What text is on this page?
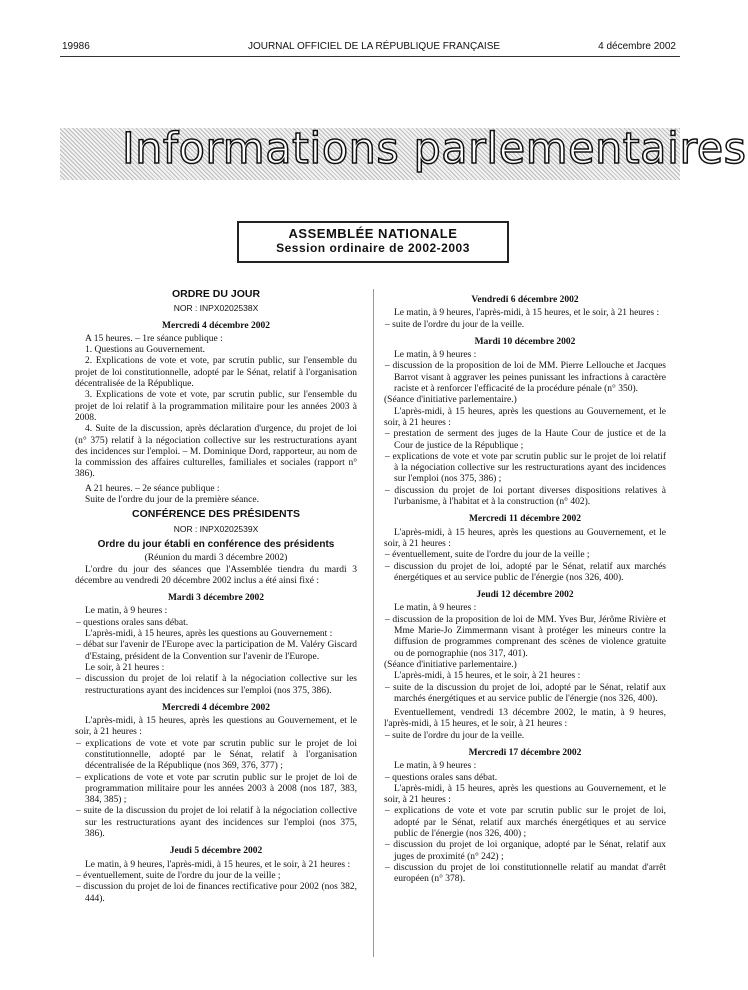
19986	JOURNAL OFFICIEL DE LA RÉPUBLIQUE FRANÇAISE	4 décembre 2002
Informations parlementaires
ASSEMBLÉE NATIONALE
Session ordinaire de 2002-2003

ORDRE DU JOUR

NOR : INPX0202538X

Mercredi 4 décembre 2002

A 15 heures. – 1re séance publique :

1. Questions au Gouvernement.

2. Explications de vote et vote, par scrutin public, sur l'ensemble du projet de loi constitutionnelle, adopté par le Sénat, relatif à l'organisation décentralisée de la République.

3. Explications de vote et vote, par scrutin public, sur l'ensemble du projet de loi relatif à la programmation militaire pour les années 2003 à 2008.

4. Suite de la discussion, après déclaration d'urgence, du projet de loi (n° 375) relatif à la négociation collective sur les restructurations ayant des incidences sur l'emploi. – M. Dominique Dord, rapporteur, au nom de la commission des affaires culturelles, familiales et sociales (rapport n° 386).

A 21 heures. – 2e séance publique :

Suite de l'ordre du jour de la première séance.

CONFÉRENCE DES PRÉSIDENTS

NOR : INPX0202539X

Ordre du jour établi en conférence des présidents

(Réunion du mardi 3 décembre 2002)

L'ordre du jour des séances que l'Assemblée tiendra du mardi 3 décembre au vendredi 20 décembre 2002 inclus a été ainsi fixé :

Mardi 3 décembre 2002

Le matin, à 9 heures :

– questions orales sans débat.

L'après-midi, à 15 heures, après les questions au Gouvernement :

– débat sur l'avenir de l'Europe avec la participation de M. Valéry Giscard d'Estaing, président de la Convention sur l'avenir de l'Europe.

Le soir, à 21 heures :

– discussion du projet de loi relatif à la négociation collective sur les restructurations ayant des incidences sur l'emploi (nos 375, 386).

Mercredi 4 décembre 2002

L'après-midi, à 15 heures, après les questions au Gouvernement, et le soir, à 21 heures :

– explications de vote et vote par scrutin public sur le projet de loi constitutionnelle, adopté par le Sénat, relatif à l'organisation décentralisée de la République (nos 369, 376, 377) ;

– explications de vote et vote par scrutin public sur le projet de loi de programmation militaire pour les années 2003 à 2008 (nos 187, 383, 384, 385) ;

– suite de la discussion du projet de loi relatif à la négociation collective sur les restructurations ayant des incidences sur l'emploi (nos 375, 386).

Jeudi 5 décembre 2002

Le matin, à 9 heures, l'après-midi, à 15 heures, et le soir, à 21 heures :

– éventuellement, suite de l'ordre du jour de la veille ;

– discussion du projet de loi de finances rectificative pour 2002 (nos 382, 444).

Vendredi 6 décembre 2002

Le matin, à 9 heures, l'après-midi, à 15 heures, et le soir, à 21 heures :

– suite de l'ordre du jour de la veille.

Mardi 10 décembre 2002

Le matin, à 9 heures :

– discussion de la proposition de loi de MM. Pierre Lellouche et Jacques Barrot visant à aggraver les peines punissant les infractions à caractère raciste et à renforcer l'efficacité de la procédure pénale (n° 350).

(Séance d'initiative parlementaire.)

L'après-midi, à 15 heures, après les questions au Gouvernement, et le soir, à 21 heures :

– prestation de serment des juges de la Haute Cour de justice et de la Cour de justice de la République ;

– explications de vote et vote par scrutin public sur le projet de loi relatif à la négociation collective sur les restructurations ayant des incidences sur l'emploi (nos 375, 386) ;

– discussion du projet de loi portant diverses dispositions relatives à l'urbanisme, à l'habitat et à la construction (n° 402).

Mercredi 11 décembre 2002

L'après-midi, à 15 heures, après les questions au Gouvernement, et le soir, à 21 heures :

– éventuellement, suite de l'ordre du jour de la veille ;

– discussion du projet de loi, adopté par le Sénat, relatif aux marchés énergétiques et au service public de l'énergie (nos 326, 400).

Jeudi 12 décembre 2002

Le matin, à 9 heures :

– discussion de la proposition de loi de MM. Yves Bur, Jérôme Rivière et Mme Marie-Jo Zimmermann visant à protéger les mineurs contre la diffusion de programmes comprenant des scènes de violence gratuite ou de pornographie (nos 317, 401).

(Séance d'initiative parlementaire.)

L'après-midi, à 15 heures, et le soir, à 21 heures :

– suite de la discussion du projet de loi, adopté par le Sénat, relatif aux marchés énergétiques et au service public de l'énergie (nos 326, 400).

Eventuellement, vendredi 13 décembre 2002, le matin, à 9 heures, l'après-midi, à 15 heures, et le soir, à 21 heures :

– suite de l'ordre du jour de la veille.

Mercredi 17 décembre 2002

Le matin, à 9 heures :

– questions orales sans débat.

L'après-midi, à 15 heures, après les questions au Gouvernement, et le soir, à 21 heures :

– explications de vote et vote par scrutin public sur le projet de loi, adopté par le Sénat, relatif aux marchés énergétiques et au service public de l'énergie (nos 326, 400) ;

– discussion du projet de loi organique, adopté par le Sénat, relatif aux juges de proximité (n° 242) ;

– discussion du projet de loi constitutionnelle relatif au mandat d'arrêt européen (n° 378).
